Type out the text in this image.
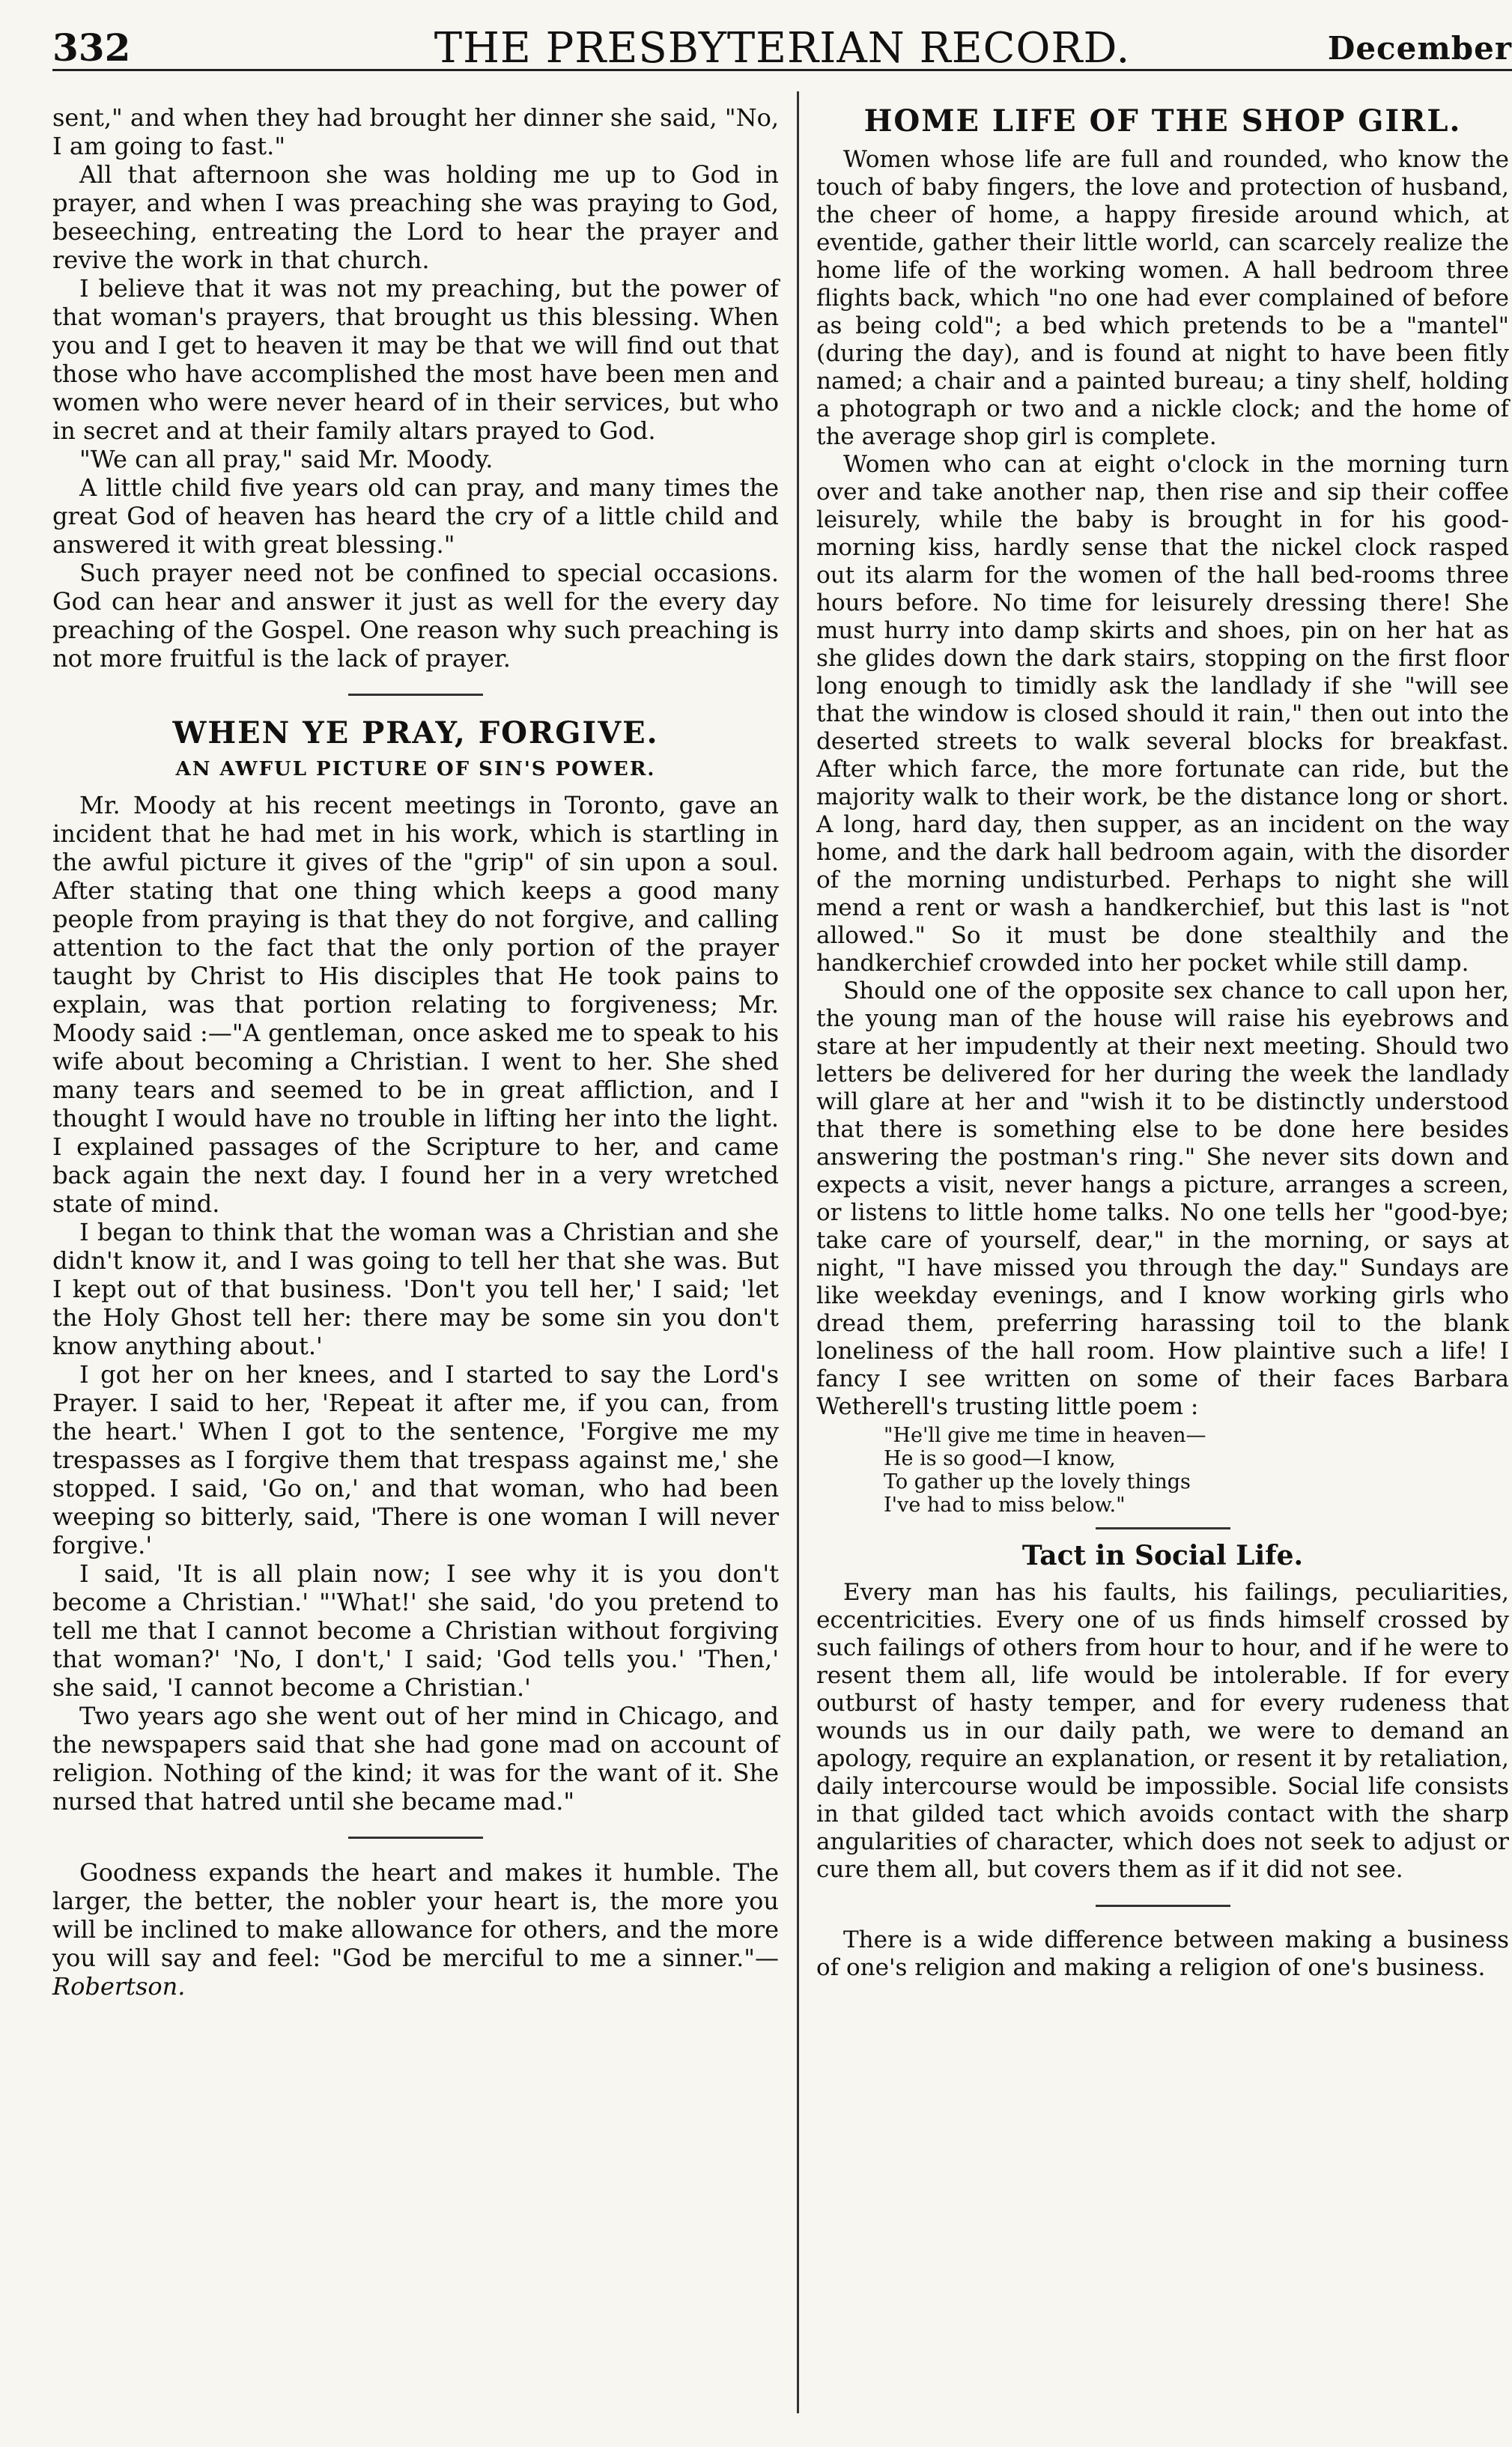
332	THE PRESBYTERIAN RECORD.	December

sent," and when they had brought her dinner she said, "No, I am going to fast."

All that afternoon she was holding me up to God in prayer, and when I was preaching she was praying to God, beseeching, entreating the Lord to hear the prayer and revive the work in that church.

I believe that it was not my preaching, but the power of that woman's prayers, that brought us this blessing. When you and I get to heaven it may be that we will find out that those who have accomplished the most have been men and women who were never heard of in their services, but who in secret and at their family altars prayed to God.

"We can all pray," said Mr. Moody.

A little child five years old can pray, and many times the great God of heaven has heard the cry of a little child and answered it with great blessing."

Such prayer need not be confined to special occasions. God can hear and answer it just as well for the every day preaching of the Gospel. One reason why such preaching is not more fruitful is the lack of prayer.

WHEN YE PRAY, FORGIVE.
AN AWFUL PICTURE OF SIN'S POWER.

Mr. Moody at his recent meetings in Toronto, gave an incident that he had met in his work, which is startling in the awful picture it gives of the "grip" of sin upon a soul. After stating that one thing which keeps a good many people from praying is that they do not forgive, and calling attention to the fact that the only portion of the prayer taught by Christ to His disciples that He took pains to explain, was that portion relating to forgiveness; Mr. Moody said :—"A gentleman, once asked me to speak to his wife about becoming a Christian. I went to her. She shed many tears and seemed to be in great affliction, and I thought I would have no trouble in lifting her into the light. I explained passages of the Scripture to her, and came back again the next day. I found her in a very wretched state of mind.

I began to think that the woman was a Christian and she didn't know it, and I was going to tell her that she was. But I kept out of that business. 'Don't you tell her,' I said; 'let the Holy Ghost tell her: there may be some sin you don't know anything about.'

I got her on her knees, and I started to say the Lord's Prayer. I said to her, 'Repeat it after me, if you can, from the heart.' When I got to the sentence, 'Forgive me my trespasses as I forgive them that trespass against me,' she stopped. I said, 'Go on,' and that woman, who had been weeping so bitterly, said, 'There is one woman I will never forgive.'

I said, 'It is all plain now; I see why it is you don't become a Christian.' "'What!' she said, 'do you pretend to tell me that I cannot become a Christian without forgiving that woman?' 'No, I don't,' I said; 'God tells you.' 'Then,' she said, 'I cannot become a Christian.'

Two years ago she went out of her mind in Chicago, and the newspapers said that she had gone mad on account of religion. Nothing of the kind; it was for the want of it. She nursed that hatred until she became mad."

Goodness expands the heart and makes it humble. The larger, the better, the nobler your heart is, the more you will be inclined to make allowance for others, and the more you will say and feel: "God be merciful to me a sinner."— Robertson.

HOME LIFE OF THE SHOP GIRL.

Women whose life are full and rounded, who know the touch of baby fingers, the love and protection of husband, the cheer of home, a happy fireside around which, at eventide, gather their little world, can scarcely realize the home life of the working women. A hall bedroom three flights back, which "no one had ever complained of before as being cold"; a bed which pretends to be a "mantel" (during the day), and is found at night to have been fitly named; a chair and a painted bureau; a tiny shelf, holding a photograph or two and a nickle clock; and the home of the average shop girl is complete.

Women who can at eight o'clock in the morning turn over and take another nap, then rise and sip their coffee leisurely, while the baby is brought in for his good-morning kiss, hardly sense that the nickel clock rasped out its alarm for the women of the hall bed-rooms three hours before. No time for leisurely dressing there! She must hurry into damp skirts and shoes, pin on her hat as she glides down the dark stairs, stopping on the first floor long enough to timidly ask the landlady if she "will see that the window is closed should it rain," then out into the deserted streets to walk several blocks for breakfast. After which farce, the more fortunate can ride, but the majority walk to their work, be the distance long or short. A long, hard day, then supper, as an incident on the way home, and the dark hall bedroom again, with the disorder of the morning undisturbed. Perhaps to night she will mend a rent or wash a handkerchief, but this last is "not allowed." So it must be done stealthily and the handkerchief crowded into her pocket while still damp.

Should one of the opposite sex chance to call upon her, the young man of the house will raise his eyebrows and stare at her impudently at their next meeting. Should two letters be delivered for her during the week the landlady will glare at her and "wish it to be distinctly understood that there is something else to be done here besides answering the postman's ring." She never sits down and expects a visit, never hangs a picture, arranges a screen, or listens to little home talks. No one tells her "good-bye; take care of yourself, dear," in the morning, or says at night, "I have missed you through the day." Sundays are like weekday evenings, and I know working girls who dread them, preferring harassing toil to the blank loneliness of the hall room. How plaintive such a life! I fancy I see written on some of their faces Barbara Wetherell's trusting little poem :

"He'll give me time in heaven—
He is so good—I know,
To gather up the lovely things
I've had to miss below."
Tact in Social Life.

Every man has his faults, his failings, peculiarities, eccentricities. Every one of us finds himself crossed by such failings of others from hour to hour, and if he were to resent them all, life would be intolerable. If for every outburst of hasty temper, and for every rudeness that wounds us in our daily path, we were to demand an apology, require an explanation, or resent it by retaliation, daily intercourse would be impossible. Social life consists in that gilded tact which avoids contact with the sharp angularities of character, which does not seek to adjust or cure them all, but covers them as if it did not see.

There is a wide difference between making a business of one's religion and making a religion of one's business.
